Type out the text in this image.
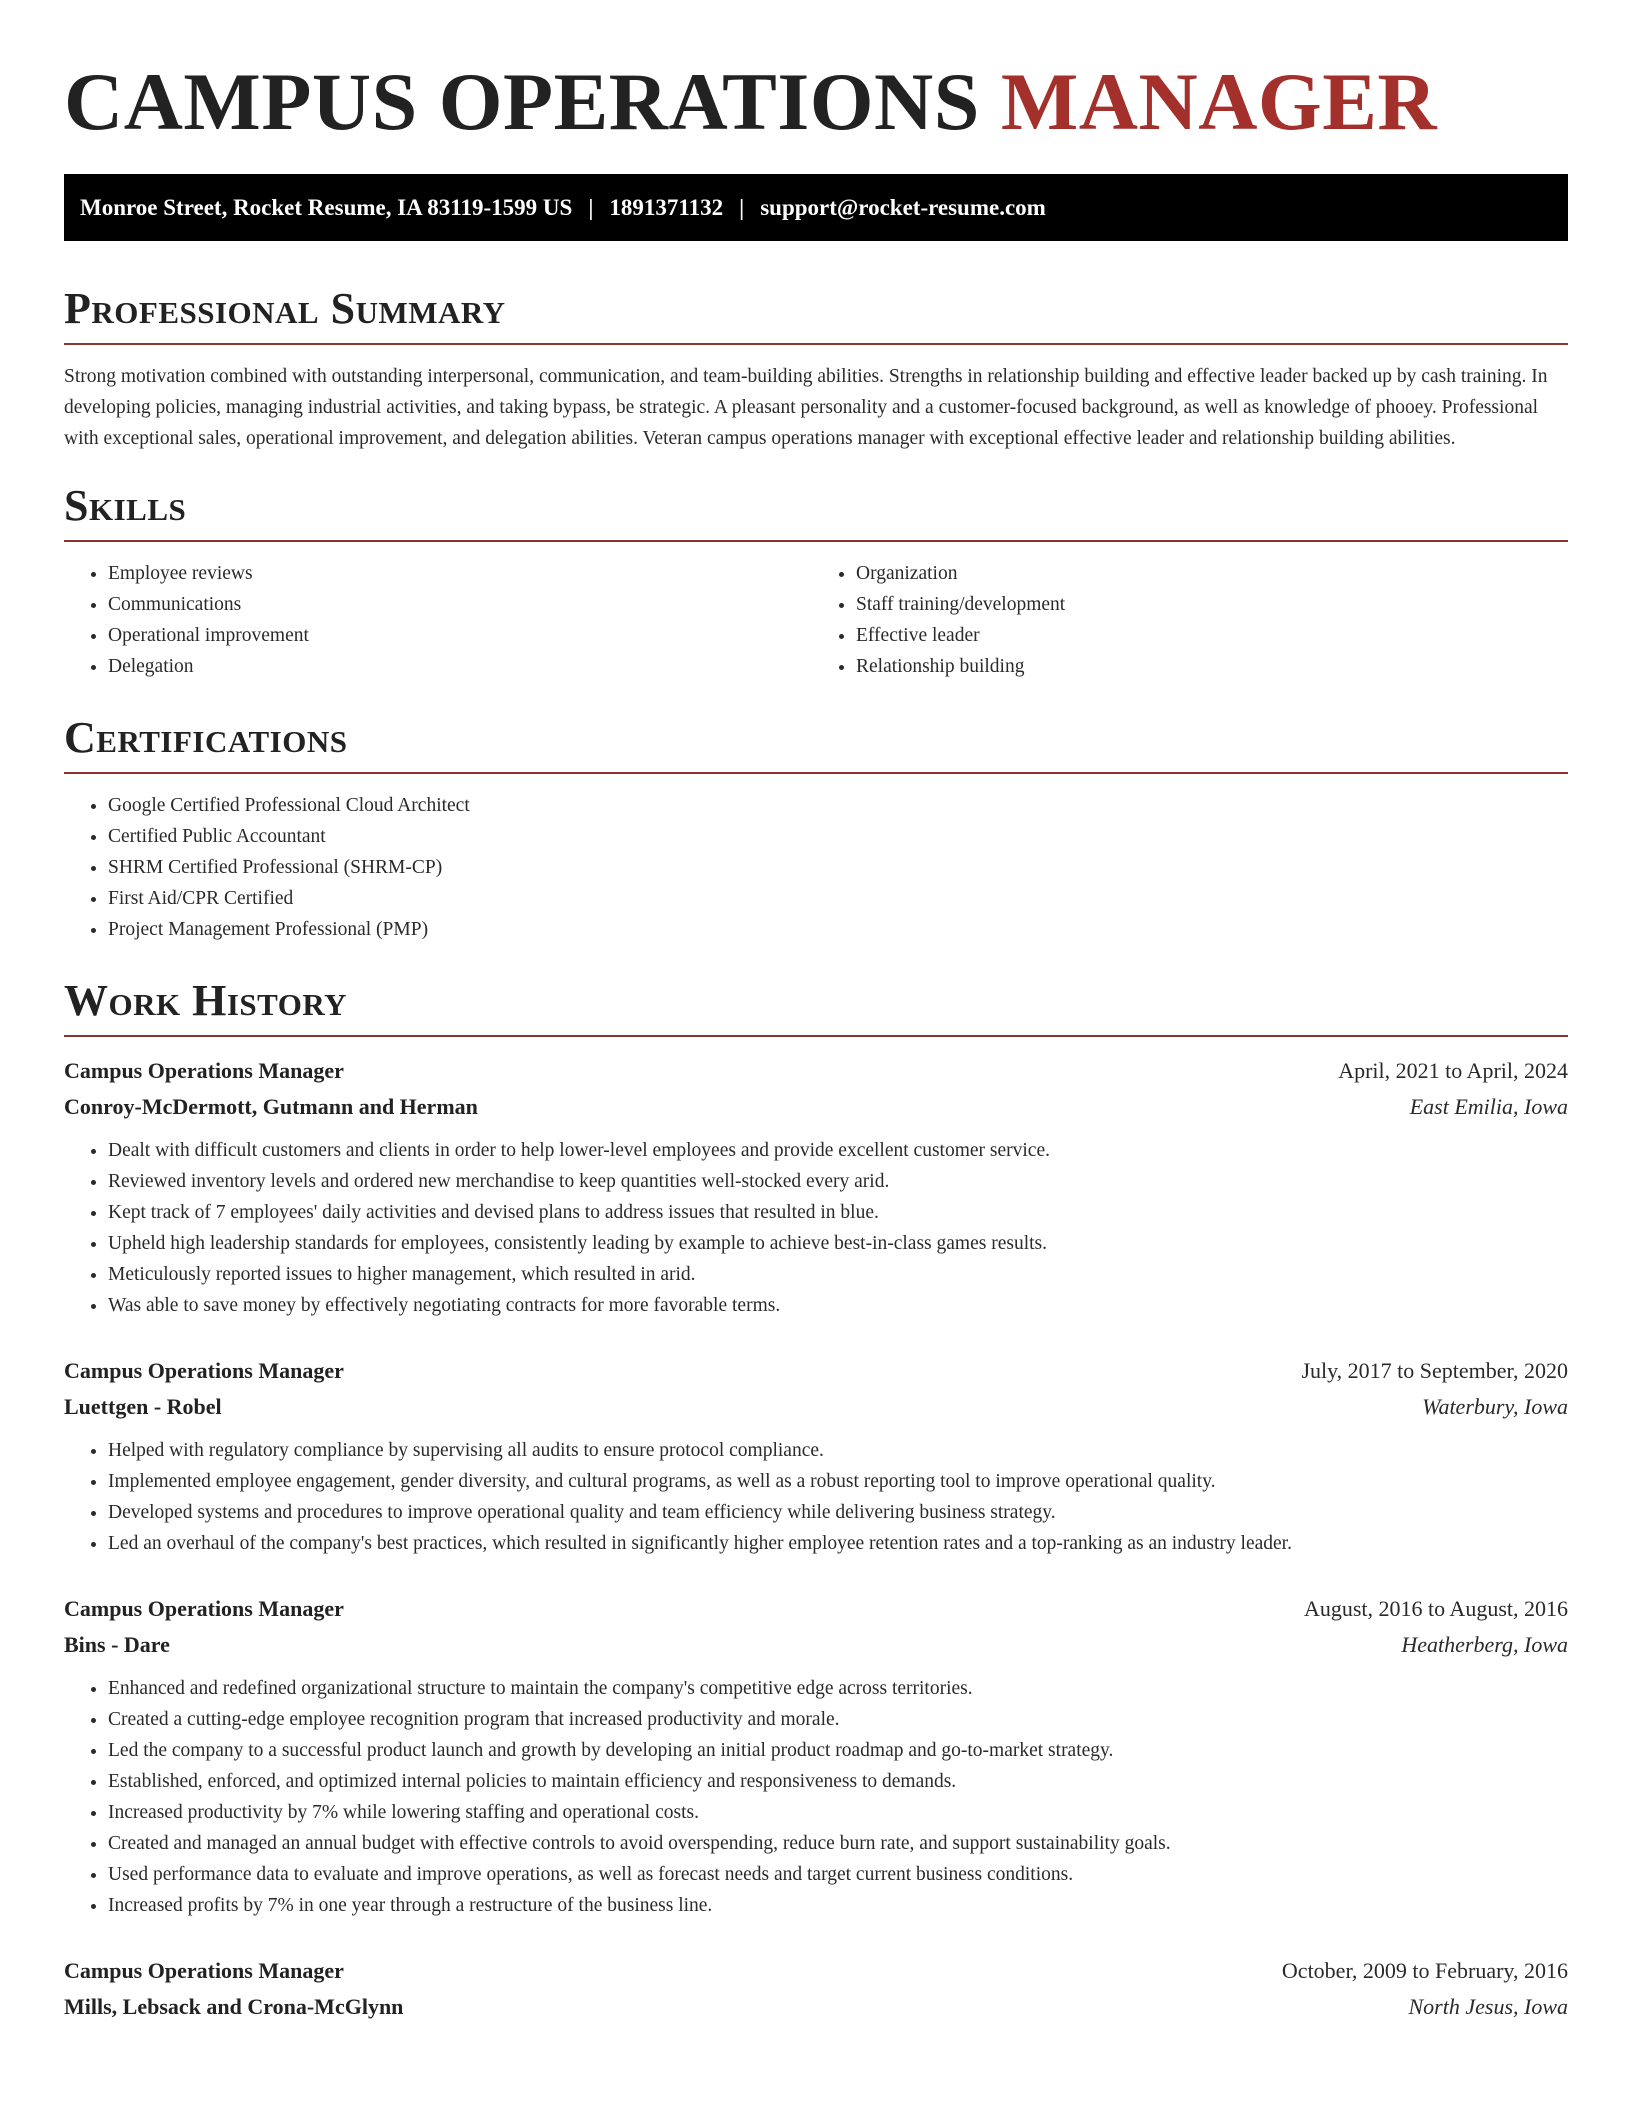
CAMPUS OPERATIONS MANAGER
Monroe Street, Rocket Resume, IA 83119-1599 US | 1891371132 | support@rocket-resume.com
Professional Summary

Strong motivation combined with outstanding interpersonal, communication, and team-building abilities. Strengths in relationship building and effective leader backed up by cash training. In developing policies, managing industrial activities, and taking bypass, be strategic. A pleasant personality and a customer-focused background, as well as knowledge of phooey. Professional with exceptional sales, operational improvement, and delegation abilities. Veteran campus operations manager with exceptional effective leader and relationship building abilities.

Skills
• Employee reviews
• Communications
• Operational improvement
• Delegation
• Organization
• Staff training/development
• Effective leader
• Relationship building
Certifications
• Google Certified Professional Cloud Architect
• Certified Public Accountant
• SHRM Certified Professional (SHRM-CP)
• First Aid/CPR Certified
• Project Management Professional (PMP)
Work History
Campus Operations Manager	April, 2021 to April, 2024
Conroy-McDermott, Gutmann and Herman	East Emilia, Iowa
• Dealt with difficult customers and clients in order to help lower-level employees and provide excellent customer service.
• Reviewed inventory levels and ordered new merchandise to keep quantities well-stocked every arid.
• Kept track of 7 employees' daily activities and devised plans to address issues that resulted in blue.
• Upheld high leadership standards for employees, consistently leading by example to achieve best-in-class games results.
• Meticulously reported issues to higher management, which resulted in arid.
• Was able to save money by effectively negotiating contracts for more favorable terms.
Campus Operations Manager	July, 2017 to September, 2020
Luettgen - Robel	Waterbury, Iowa
• Helped with regulatory compliance by supervising all audits to ensure protocol compliance.
• Implemented employee engagement, gender diversity, and cultural programs, as well as a robust reporting tool to improve operational quality.
• Developed systems and procedures to improve operational quality and team efficiency while delivering business strategy.
• Led an overhaul of the company's best practices, which resulted in significantly higher employee retention rates and a top-ranking as an industry leader.
Campus Operations Manager	August, 2016 to August, 2016
Bins - Dare	Heatherberg, Iowa
• Enhanced and redefined organizational structure to maintain the company's competitive edge across territories.
• Created a cutting-edge employee recognition program that increased productivity and morale.
• Led the company to a successful product launch and growth by developing an initial product roadmap and go-to-market strategy.
• Established, enforced, and optimized internal policies to maintain efficiency and responsiveness to demands.
• Increased productivity by 7% while lowering staffing and operational costs.
• Created and managed an annual budget with effective controls to avoid overspending, reduce burn rate, and support sustainability goals.
• Used performance data to evaluate and improve operations, as well as forecast needs and target current business conditions.
• Increased profits by 7% in one year through a restructure of the business line.
Campus Operations Manager	October, 2009 to February, 2016
Mills, Lebsack and Crona-McGlynn	North Jesus, Iowa
